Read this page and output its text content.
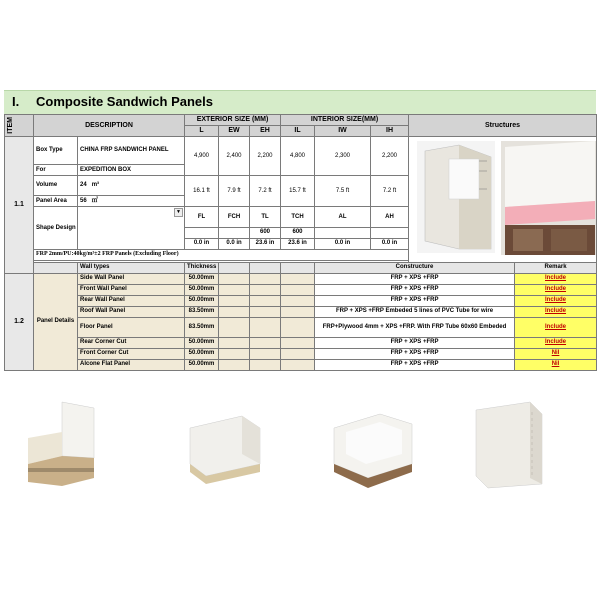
I. Composite Sandwich Panels
ITEM	DESCRIPTION		EXTERIOR SIZE (MM)			INTERIOR SIZE(MM)			Structures	
			L	EW	EH	IL	IW	IH		
1.1	Box Type	CHINA FRP SANDWICH PANEL	4,900	2,400	2,200	4,800	2,300	2,200	
	For	EXPEDITION BOX								
	Volume	24 m³	16.1 ft	7.9 ft	7.2 ft	15.7 ft	7.5 ft	7.2 ft		
	Panel Area	56 ㎡								
	Shape Design	▼	FL	FCH	TL	TCH	AL	AH		
					600	600				
			0.0 in	0.0 in	23.6 in	23.6 in	0.0 in	0.0 in		
	FRP 2mm/PU:40kg/m³±2 FRP Panels (Excluding Floor)									

		Wall types	Thickness				Constructure			Remark
1.2	Panel Details	Side Wall Panel	50.00mm				FRP + XPS +FRP			Include
		Front Wall Panel	50.00mm				FRP + XPS +FRP			Include
		Rear Wall Panel	50.00mm				FRP + XPS +FRP			Include
		Roof Wall Panel	83.50mm				FRP + XPS +FRP Embeded 5 lines of PVC Tube for wire			Include
		Floor Panel	83.50mm				FRP+Plywood 4mm + XPS +FRP. With FRP Tube 60x60 Embeded			Include
		Rear Corner Cut	50.00mm				FRP + XPS +FRP			Include
		Front Corner Cut	50.00mm				FRP + XPS +FRP			Nil
		Alcone Flat Panel	50.00mm				FRP + XPS +FRP			Nil
